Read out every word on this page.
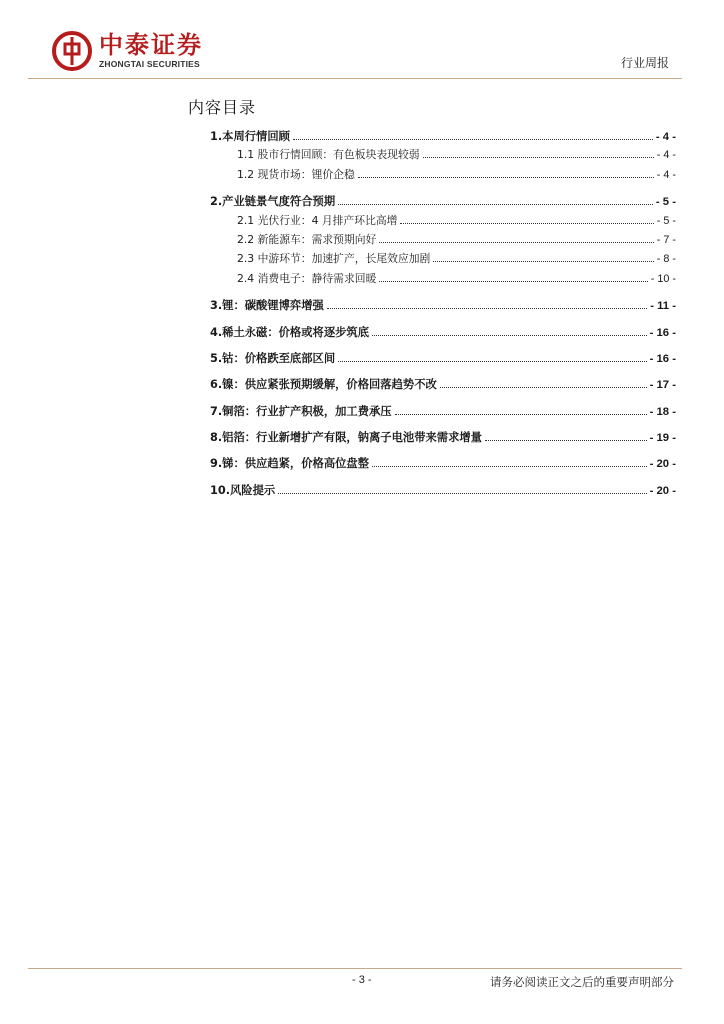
中泰证券
ZHONGTAI SECURITIES	行业周报
内容目录
1.本周行情回顾	- 4 -
1.1 股市行情回顾：有色板块表现较弱	- 4 -
1.2 现货市场：锂价企稳	- 4 -
2.产业链景气度符合预期	- 5 -
2.1 光伏行业：4 月排产环比高增	- 5 -
2.2 新能源车：需求预期向好	- 7 -
2.3 中游环节：加速扩产，长尾效应加剧	- 8 -
2.4 消费电子：静待需求回暖	- 10 -
3.锂：碳酸锂博弈增强	- 11 -
4.稀土永磁：价格或将逐步筑底	- 16 -
5.钴：价格跌至底部区间	- 16 -
6.镍：供应紧张预期缓解，价格回落趋势不改	- 17 -
7.铜箔：行业扩产积极，加工费承压	- 18 -
8.铝箔：行业新增扩产有限，钠离子电池带来需求增量	- 19 -
9.锑：供应趋紧，价格高位盘整	- 20 -
10.风险提示	- 20 -
- 3 -	请务必阅读正文之后的重要声明部分
